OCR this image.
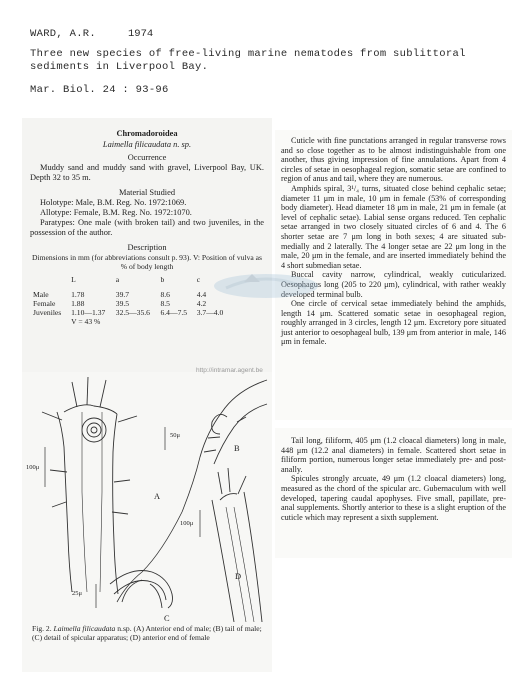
WARD, A.R.	1974
Three new species of free-living marine nematodes from sublittoral
sediments in Liverpool Bay.
Mar. Biol. 24 : 93-96

Chromadoroidea

Laimella filicaudata n. sp.

Occurrence

Muddy sand and muddy sand with gravel, Liverpool Bay, UK. Depth 32 to 35 m.

Material Studied

Holotype: Male, B.M. Reg. No. 1972:1069.

Allotype: Female, B.M. Reg. No. 1972:1070.

Paratypes: One male (with broken tail) and two juveniles, in the possession of the author.

Description

Dimensions in mm (for abbreviations consult p. 93). V: Position of vulva as % of body length

	L	a	b	c
Male	1.78	39.7	8.6	4.4
Female	1.88	39.5	8.5	4.2
Juveniles	1.10—1.37	32.5—35.6	6.4—7.5	3.7—4.0
	V = 43 %			

Cuticle with fine punctations arranged in regular transverse rows and so close together as to be almost indistinguishable from one another, thus giving impression of fine annulations. Apart from 4 circles of setae in oesophageal region, somatic setae are confined to region of anus and tail, where they are numerous.

Amphids spiral, 3¹/₄ turns, situated close behind cephalic setae; diameter 11 μm in male, 10 μm in female (53% of corresponding body diameter). Head diameter 18 μm in male, 21 μm in female (at level of cephalic setae). Labial sense organs reduced. Ten cephalic setae arranged in two closely situated circles of 6 and 4. The 6 shorter setae are 7 μm long in both sexes; 4 are situated sub-medially and 2 laterally. The 4 longer setae are 22 μm long in the male, 20 μm in the female, and are inserted immediately behind the 4 short submedian setae.

Buccal cavity narrow, cylindrical, weakly cuticularized. Oesophagus long (205 to 220 μm), cylindrical, with rather weakly developed terminal bulb.

One circle of cervical setae immediately behind the amphids, length 14 μm. Scattered somatic setae in oesophageal region, roughly arranged in 3 circles, length 12 μm. Excretory pore situated just anterior to oesophageal bulb, 139 μm from anterior in male, 146 μm in female.

A
B
D
C
100μ
50μ
100μ
25μ
Fig. 2. Laimella filicaudata n.sp. (A) Anterior end of male; (B) tail of male; (C) detail of spicular apparatus; (D) anterior end of female

Tail long, filiform, 405 μm (1.2 cloacal diameters) long in male, 448 μm (12.2 anal diameters) in female. Scattered short setae in filiform portion, numerous longer setae immediately pre- and post-anally.

Spicules strongly arcuate, 49 μm (1.2 cloacal diameters) long, measured as the chord of the spicular arc. Gubernaculum with well developed, tapering caudal apophyses. Five small, papillate, pre-anal supplements. Shortly anterior to these is a slight eruption of the cuticle which may represent a sixth supplement.

http://intramar.agent.be
